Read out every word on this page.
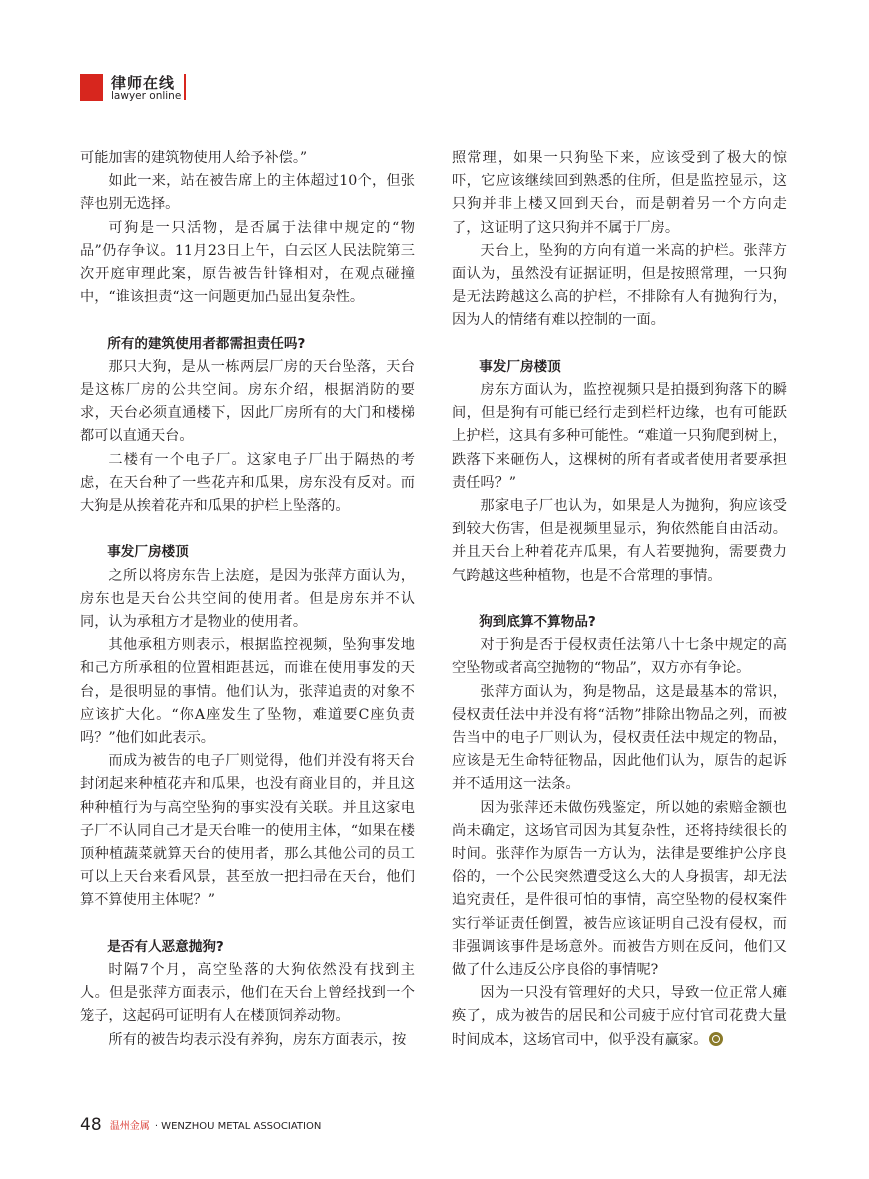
律师在线
lawyer online

可能加害的建筑物使用人给予补偿。”

如此一来，站在被告席上的主体超过10个，但张萍也别无选择。

可狗是一只活物，是否属于法律中规定的“物品”仍存争议。11月23日上午，白云区人民法院第三次开庭审理此案，原告被告针锋相对，在观点碰撞中，“谁该担责“这一问题更加凸显出复杂性。

所有的建筑使用者都需担责任吗?

那只大狗，是从一栋两层厂房的天台坠落，天台是这栋厂房的公共空间。房东介绍，根据消防的要求，天台必须直通楼下，因此厂房所有的大门和楼梯都可以直通天台。

二楼有一个电子厂。这家电子厂出于隔热的考虑，在天台种了一些花卉和瓜果，房东没有反对。而大狗是从挨着花卉和瓜果的护栏上坠落的。

事发厂房楼顶

之所以将房东告上法庭，是因为张萍方面认为，房东也是天台公共空间的使用者。但是房东并不认同，认为承租方才是物业的使用者。

其他承租方则表示，根据监控视频，坠狗事发地和己方所承租的位置相距甚远，而谁在使用事发的天台，是很明显的事情。他们认为，张萍追责的对象不应该扩大化。“你A座发生了坠物，难道要C座负责吗？”他们如此表示。

而成为被告的电子厂则觉得，他们并没有将天台封闭起来种植花卉和瓜果，也没有商业目的，并且这种种植行为与高空坠狗的事实没有关联。并且这家电子厂不认同自己才是天台唯一的使用主体，“如果在楼顶种植蔬菜就算天台的使用者，那么其他公司的员工可以上天台来看风景，甚至放一把扫帚在天台，他们算不算使用主体呢？”

是否有人恶意抛狗?

时隔7个月，高空坠落的大狗依然没有找到主人。但是张萍方面表示，他们在天台上曾经找到一个笼子，这起码可证明有人在楼顶饲养动物。

所有的被告均表示没有养狗，房东方面表示，按

照常理，如果一只狗坠下来，应该受到了极大的惊吓，它应该继续回到熟悉的住所，但是监控显示，这只狗并非上楼又回到天台，而是朝着另一个方向走了，这证明了这只狗并不属于厂房。

天台上，坠狗的方向有道一米高的护栏。张萍方面认为，虽然没有证据证明，但是按照常理，一只狗是无法跨越这么高的护栏，不排除有人有抛狗行为，因为人的情绪有难以控制的一面。

事发厂房楼顶

房东方面认为，监控视频只是拍摄到狗落下的瞬间，但是狗有可能已经行走到栏杆边缘，也有可能跃上护栏，这具有多种可能性。“难道一只狗爬到树上，跌落下来砸伤人，这棵树的所有者或者使用者要承担责任吗？”

那家电子厂也认为，如果是人为抛狗，狗应该受到较大伤害，但是视频里显示，狗依然能自由活动。并且天台上种着花卉瓜果，有人若要抛狗，需要费力气跨越这些种植物，也是不合常理的事情。

狗到底算不算物品?

对于狗是否于侵权责任法第八十七条中规定的高空坠物或者高空抛物的“物品”，双方亦有争论。

张萍方面认为，狗是物品，这是最基本的常识，侵权责任法中并没有将“活物”排除出物品之列，而被告当中的电子厂则认为，侵权责任法中规定的物品，应该是无生命特征物品，因此他们认为，原告的起诉并不适用这一法条。

因为张萍还未做伤残鉴定，所以她的索赔金额也尚未确定，这场官司因为其复杂性，还将持续很长的时间。张萍作为原告一方认为，法律是要维护公序良俗的，一个公民突然遭受这么大的人身损害，却无法追究责任，是件很可怕的事情，高空坠物的侵权案件实行举证责任倒置，被告应该证明自己没有侵权，而非强调该事件是场意外。而被告方则在反问，他们又做了什么违反公序良俗的事情呢?

因为一只没有管理好的犬只，导致一位正常人瘫痪了，成为被告的居民和公司疲于应付官司花费大量时间成本，这场官司中，似乎没有赢家。

48 温州金属 · WENZHOU METAL ASSOCIATION
